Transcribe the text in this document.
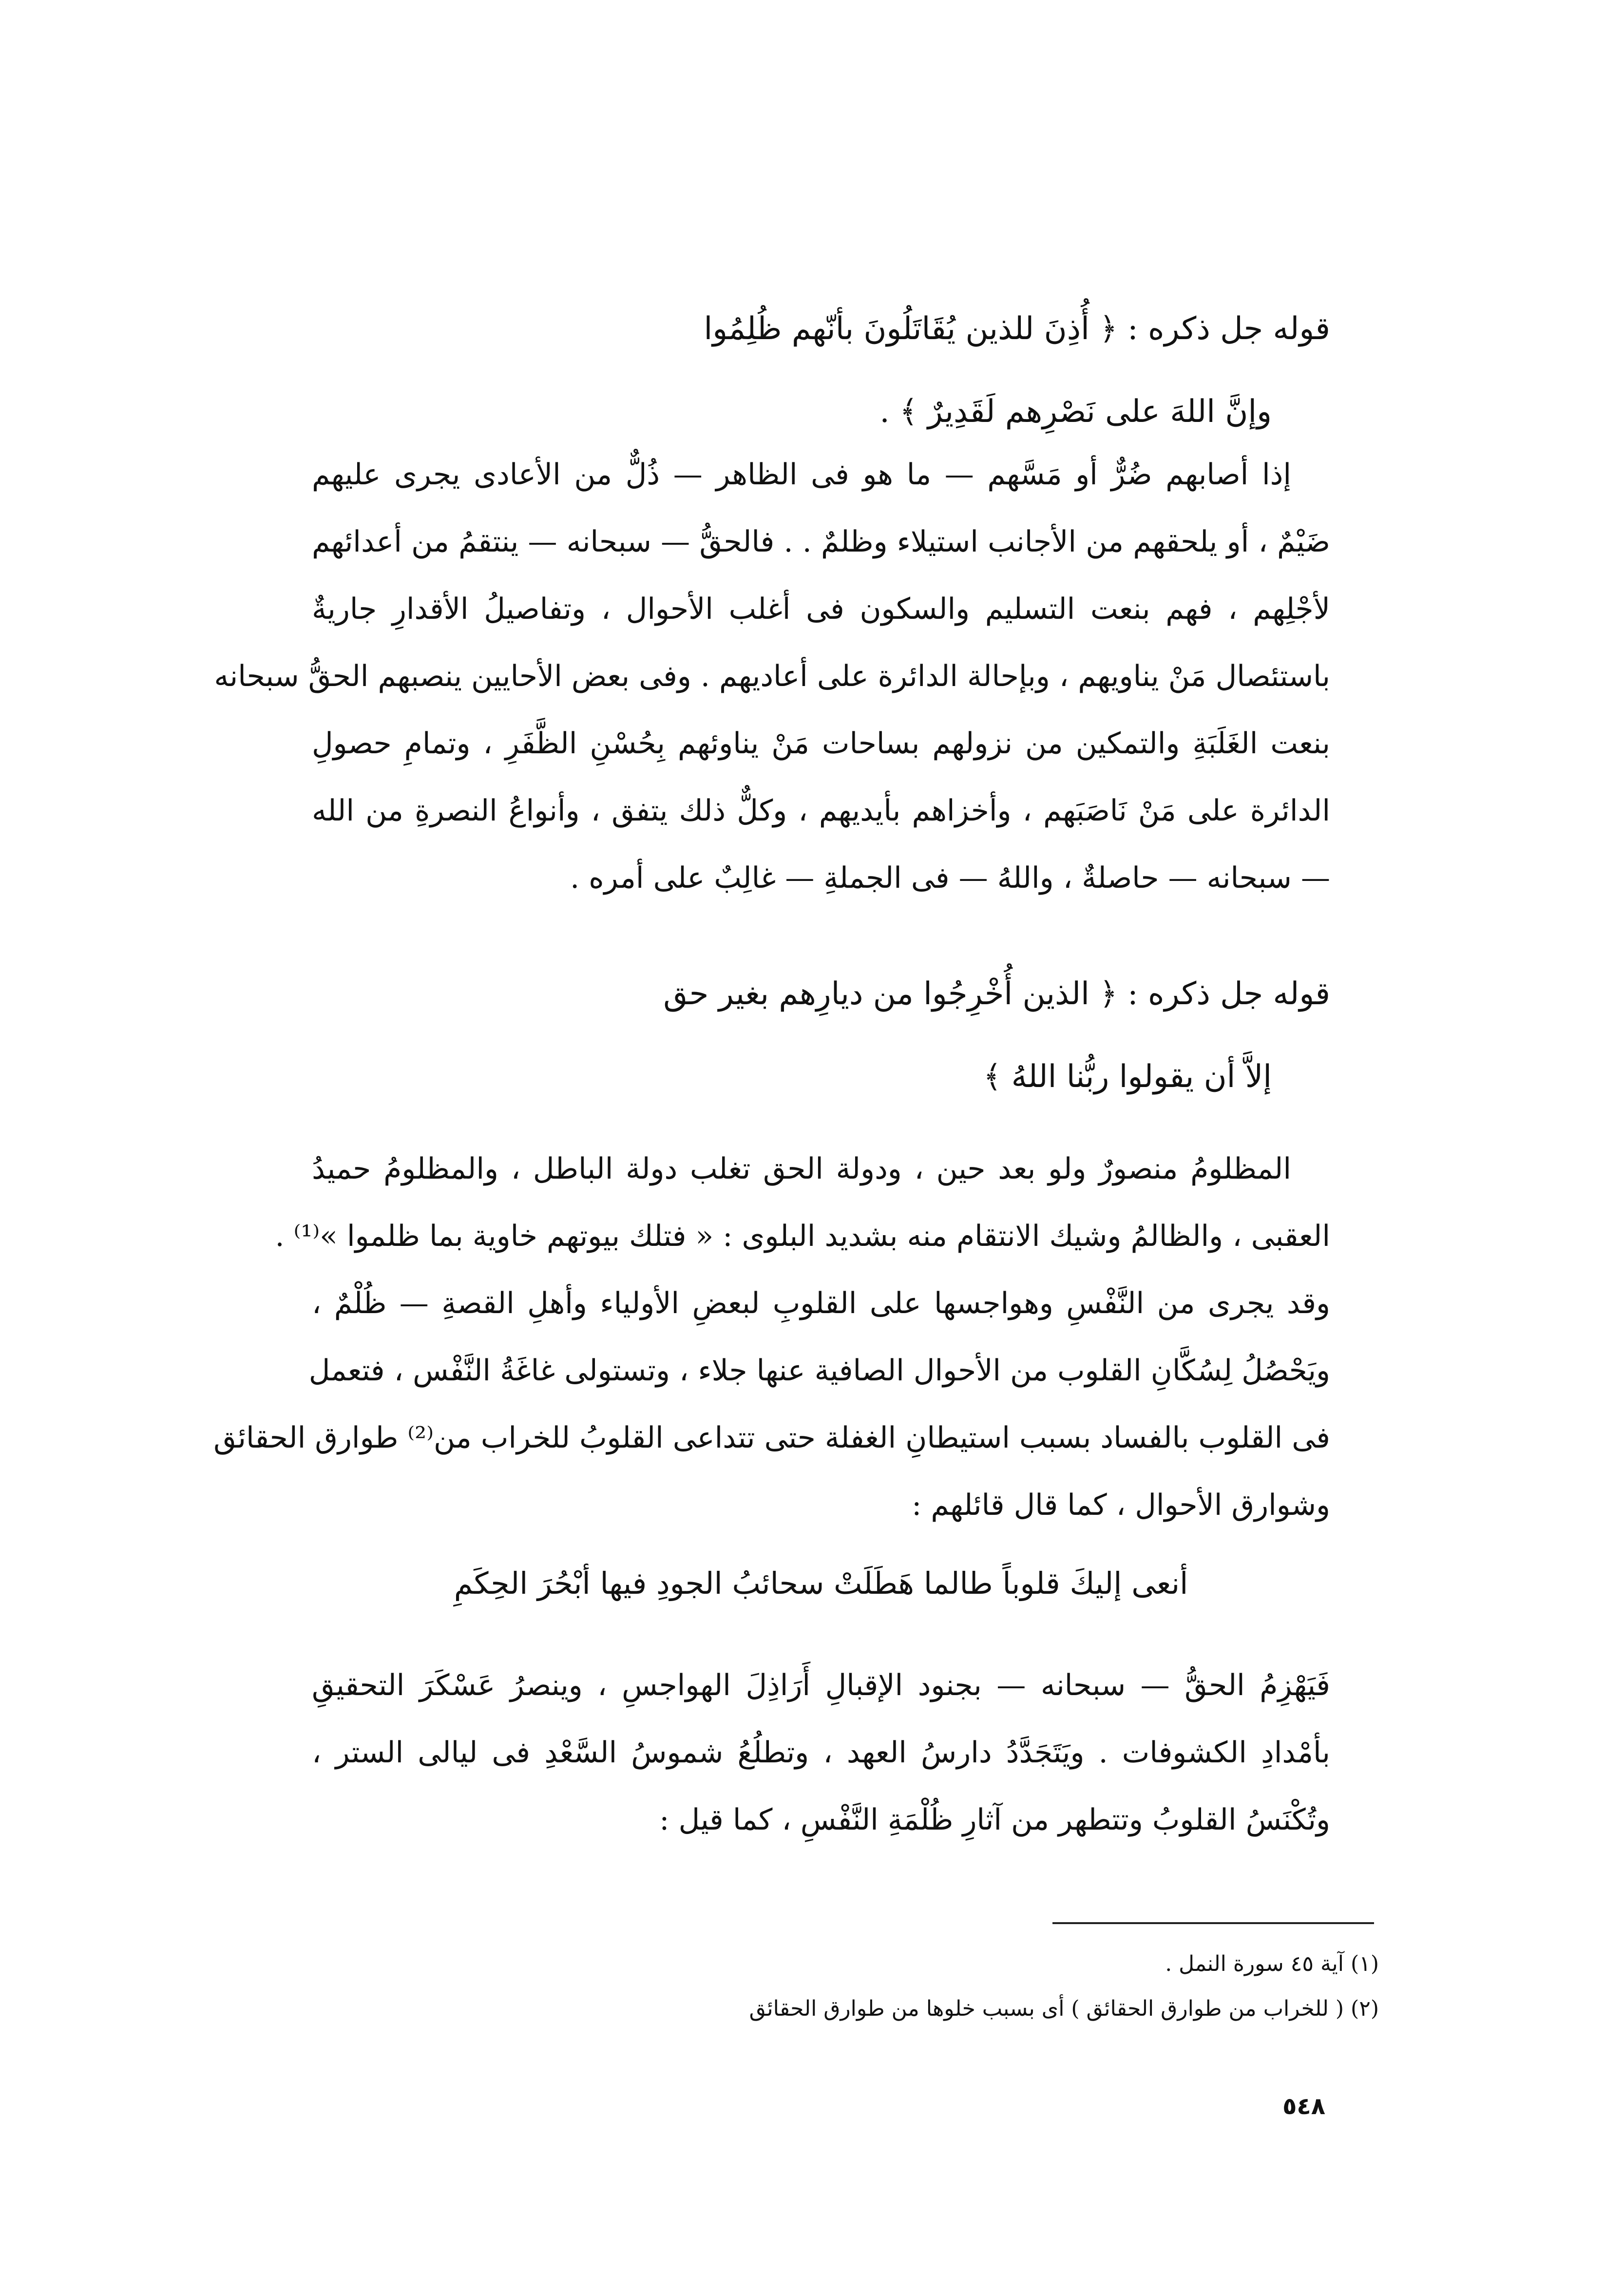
قوله جل ذكره : ﴿ أُذِنَ للذين يُقَاتَلُونَ بأنّهم ظُلِمُوا
وإنَّ اللهَ على نَصْرِهم لَقَدِيرٌ ﴾ .
إذا أصابهم ضُرٌّ أو مَسَّهم — ما هو فى الظاهر — ذُلٌّ من الأعادى يجرى عليهم
ضَيْمٌ ، أو يلحقهم من الأجانب استيلاء وظلمٌ . . فالحقُّ — سبحانه — ينتقمُ من أعدائهم
لأجْلِهم ، فهم بنعت التسليم والسكون فى أغلب الأحوال ، وتفاصيلُ الأقدارِ جاريةٌ
باستئصال مَنْ يناويهم ، وبإحالة الدائرة على أعاديهم . وفى بعض الأحايين ينصبهم الحقُّ سبحانه
بنعت الغَلَبَةِ والتمكين من نزولهم بساحات مَنْ يناوئهم بِحُسْنِ الظَّفَرِ ، وتمامِ حصولِ
الدائرة على مَنْ نَاصَبَهم ، وأخزاهم بأيديهم ، وكلٌّ ذلك يتفق ، وأنواعُ النصرةِ من الله
— سبحانه — حاصلةٌ ، واللهُ — فى الجملةِ — غالِبٌ على أمره .
قوله جل ذكره : ﴿ الذين أُخْرِجُوا من ديارِهم بغير حق
إلاَّ أن يقولوا ربُّنا اللهُ ﴾
المظلومُ منصورٌ ولو بعد حين ، ودولة الحق تغلب دولة الباطل ، والمظلومُ حميدُ
العقبى ، والظالمُ وشيك الانتقام منه بشديد البلوى : « فتلك بيوتهم خاوية بما ظلموا »⁽¹⁾ .
وقد يجرى من النَّفْسِ وهواجسها على القلوبِ لبعضِ الأولياء وأهلِ القصةِ — ظُلْمٌ ،
ويَحْصُلُ لِسُكَّانِ القلوب من الأحوال الصافية عنها جلاء ، وتستولى غاغَةُ النَّفْس ، فتعمل
فى القلوب بالفساد بسبب استيطانِ الغفلة حتى تتداعى القلوبُ للخراب من⁽²⁾ طوارق الحقائق
وشوارق الأحوال ، كما قال قائلهم :
أنعى إليكَ قلوباً طالما هَطَلَتْ سحائبُ الجودِ فيها أبْحُرَ الحِكَمِ
فَيَهْزِمُ الحقُّ — سبحانه — بجنود الإقبالِ أَرَاذِلَ الهواجسِ ، وينصرُ عَسْكَرَ التحقيقِ
بأمْدادِ الكشوفات . ويَتَجَدَّدُ دارسُ العهد ، وتطلُعُ شموسُ السَّعْدِ فى ليالى الستر ،
وتُكْنَسُ القلوبُ وتتطهر من آثارِ ظُلْمَةِ النَّفْسِ ، كما قيل :
(١) آية ٤٥ سورة النمل .
(٢) ( للخراب من طوارق الحقائق ) أى بسبب خلوها من طوارق الحقائق
٥٤٨
